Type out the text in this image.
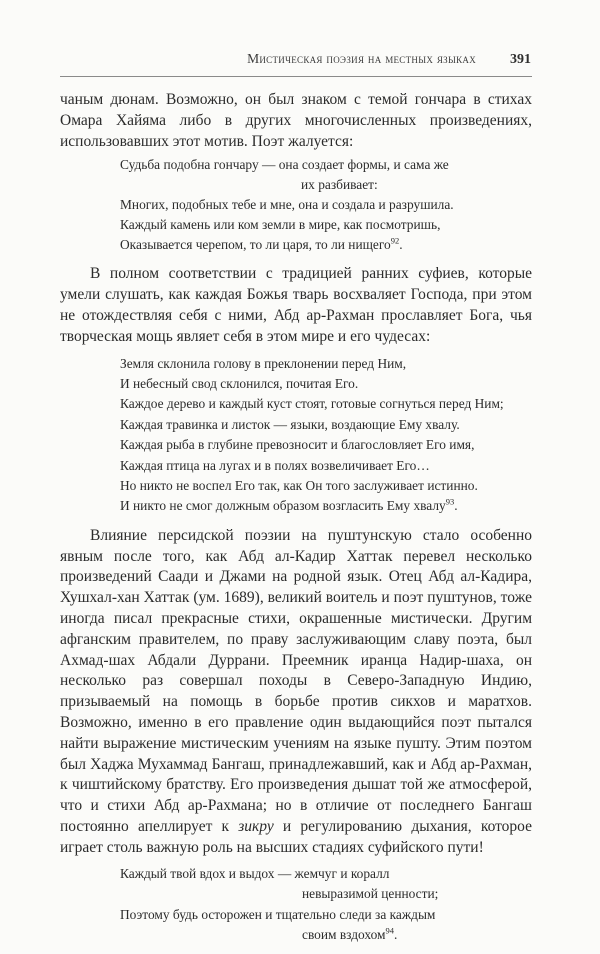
Мистическая поэзия на местных языках 391

чаным дюнам. Возможно, он был знаком с темой гончара в стихах Омара Хайяма либо в других многочисленных произведениях, использовавших этот мотив. Поэт жалуется:

Судьба подобна гончару — она создает формы, и сама же
их разбивает:
Многих, подобных тебе и мне, она и создала и разрушила.
Каждый камень или ком земли в мире, как посмотришь,
Оказывается черепом, то ли царя, то ли нищего$^{92}$.

В полном соответствии с традицией ранних суфиев, которые умели слушать, как каждая Божья тварь восхваляет Господа, при этом не отождествляя себя с ними, Абд ар-Рахман прославляет Бога, чья творческая мощь являет себя в этом мире и его чудесах:

Земля склонила голову в преклонении перед Ним,
И небесный свод склонился, почитая Его.
Каждое дерево и каждый куст стоят, готовые согнуться перед Ним;
Каждая травинка и листок — языки, воздающие Ему хвалу.
Каждая рыба в глубине превозносит и благословляет Его имя,
Каждая птица на лугах и в полях возвеличивает Его…
Но никто не воспел Его так, как Он того заслуживает истинно.
И никто не смог должным образом возгласить Ему хвалу$^{93}$.

Влияние персидской поэзии на пуштунскую стало особенно явным после того, как Абд ал-Кадир Хаттак перевел несколько произведений Саади и Джами на родной язык. Отец Абд ал-Кадира, Хушхал-хан Хаттак (ум. 1689), великий воитель и поэт пуштунов, тоже иногда писал прекрасные стихи, окрашенные мистически. Другим афганским правителем, по праву заслуживающим славу поэта, был Ахмад-шах Абдали Дуррани. Преемник иранца Надир-шаха, он несколько раз совершал походы в Северо-Западную Индию, призываемый на помощь в борьбе против сикхов и маратхов. Возможно, именно в его правление один выдающийся поэт пытался найти выражение мистическим учениям на языке пушту. Этим поэтом был Хаджа Мухаммад Бангаш, принадлежавший, как и Абд ар-Рахман, к чиштийскому братству. Его произведения дышат той же атмосферой, что и стихи Абд ар-Рахмана; но в отличие от последнего Бангаш постоянно апеллирует к зикру и регулированию дыхания, которое играет столь важную роль на высших стадиях суфийского пути!

Каждый твой вдох и выдох — жемчуг и коралл
невыразимой ценности;
Поэтому будь осторожен и тщательно следи за каждым
своим вздохом$^{94}$.
